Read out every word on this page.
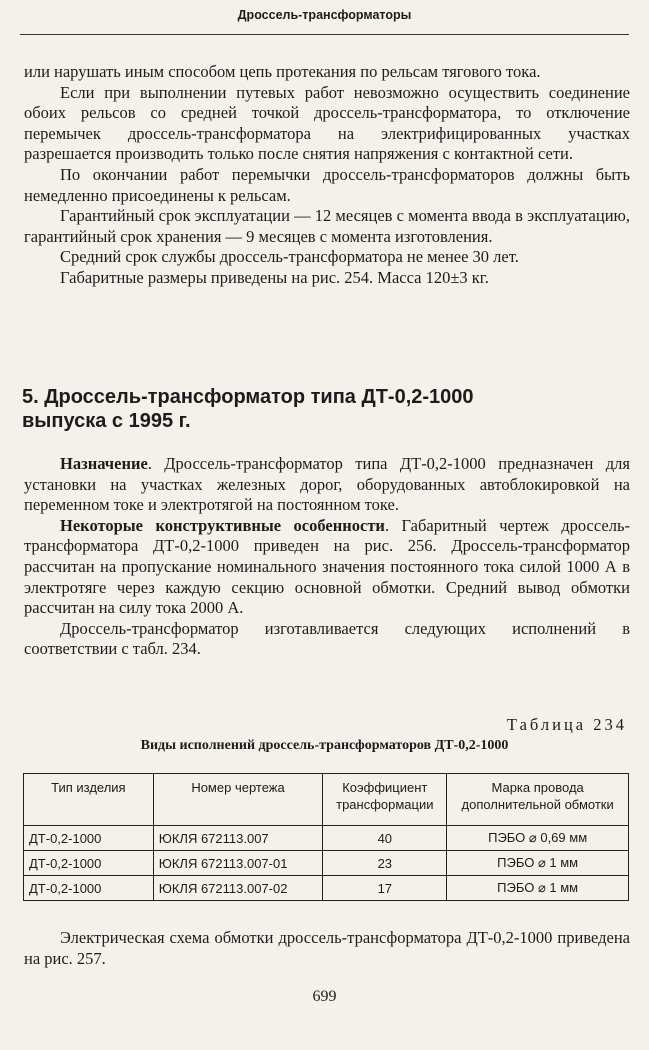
Дроссель-трансформаторы

или нарушать иным способом цепь протекания по рельсам тягового тока.

Если при выполнении путевых работ невозможно осуществить соединение обоих рельсов со средней точкой дроссель-трансформатора, то отключение перемычек дроссель-трансформатора на электрифицированных участках разрешается производить только после снятия напряжения с контактной сети.

По окончании работ перемычки дроссель-трансформаторов должны быть немедленно присоединены к рельсам.

Гарантийный срок эксплуатации — 12 месяцев с момента ввода в эксплуатацию, гарантийный срок хранения — 9 месяцев с момента изготовления.

Средний срок службы дроссель-трансформатора не менее 30 лет.

Габаритные размеры приведены на рис. 254. Масса 120±3 кг.

5. Дроссель-трансформатор типа ДТ-0,2-1000
выпуска с 1995 г.

Назначение. Дроссель-трансформатор типа ДТ-0,2-1000 предназначен для установки на участках железных дорог, оборудованных автоблокировкой на переменном токе и электротягой на постоянном токе.

Некоторые конструктивные особенности. Габаритный чертеж дроссель-трансформатора ДТ-0,2-1000 приведен на рис. 256. Дроссель-трансформатор рассчитан на пропускание номинального значения постоянного тока силой 1000 А в электротяге через каждую секцию основной обмотки. Средний вывод обмотки рассчитан на силу тока 2000 А.

Дроссель-трансформатор изготавливается следующих исполнений в соответствии с табл. 234.

Таблица 234
Виды исполнений дроссель-трансформаторов ДТ-0,2-1000
Тип изделия	Номер чертежа	Коэффициент трансформации	Марка провода дополнительной обмотки
ДТ-0,2-1000	ЮКЛЯ 672113.007	40	ПЭБО ⌀ 0,69 мм
ДТ-0,2-1000	ЮКЛЯ 672113.007-01	23	ПЭБО ⌀ 1 мм
ДТ-0,2-1000	ЮКЛЯ 672113.007-02	17	ПЭБО ⌀ 1 мм

Электрическая схема обмотки дроссель-трансформатора ДТ-0,2-1000 приведена на рис. 257.

699
